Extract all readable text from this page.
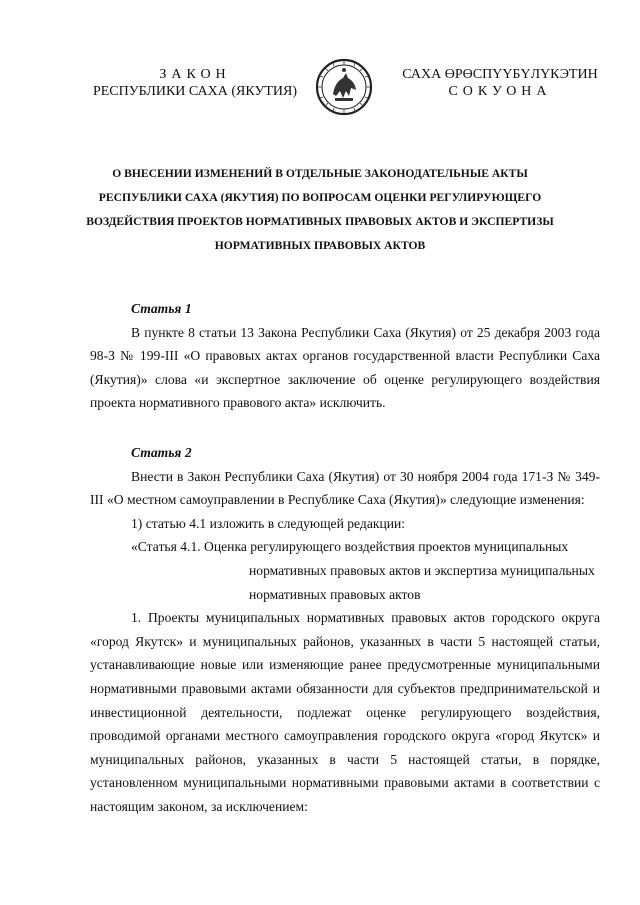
ЗАКОН
РЕСПУБЛИКИ САХА (ЯКУТИЯ)
САХА ӨРӨСПҮҮБҮЛҮКЭТИН
СОКУОНА
О ВНЕСЕНИИ ИЗМЕНЕНИЙ В ОТДЕЛЬНЫЕ ЗАКОНОДАТЕЛЬНЫЕ АКТЫ
РЕСПУБЛИКИ САХА (ЯКУТИЯ) ПО ВОПРОСАМ ОЦЕНКИ РЕГУЛИРУЮЩЕГО
ВОЗДЕЙСТВИЯ ПРОЕКТОВ НОРМАТИВНЫХ ПРАВОВЫХ АКТОВ И ЭКСПЕРТИЗЫ
НОРМАТИВНЫХ ПРАВОВЫХ АКТОВ

Статья 1

В пункте 8 статьи 13 Закона Республики Саха (Якутия) от 25 декабря 2003 года 98-З № 199-III «О правовых актах органов государственной власти Республики Саха (Якутия)» слова «и экспертное заключение об оценке регулирующего воздействия проекта нормативного правового акта» исключить.

Статья 2

Внести в Закон Республики Саха (Якутия) от 30 ноября 2004 года 171-З № 349-III «О местном самоуправлении в Республике Саха (Якутия)» следующие изменения:

1) статью 4.1 изложить в следующей редакции:

«Статья 4.1. Оценка регулирующего воздействия проектов муниципальных
нормативных правовых актов и экспертиза муниципальных
нормативных правовых актов

1. Проекты муниципальных нормативных правовых актов городского округа «город Якутск» и муниципальных районов, указанных в части 5 настоящей статьи, устанавливающие новые или изменяющие ранее предусмотренные муниципальными нормативными правовыми актами обязанности для субъектов предпринимательской и инвестиционной деятельности, подлежат оценке регулирующего воздействия, проводимой органами местного самоуправления городского округа «город Якутск» и муниципальных районов, указанных в части 5 настоящей статьи, в порядке, установленном муниципальными нормативными правовыми актами в соответствии с настоящим законом, за исключением:
